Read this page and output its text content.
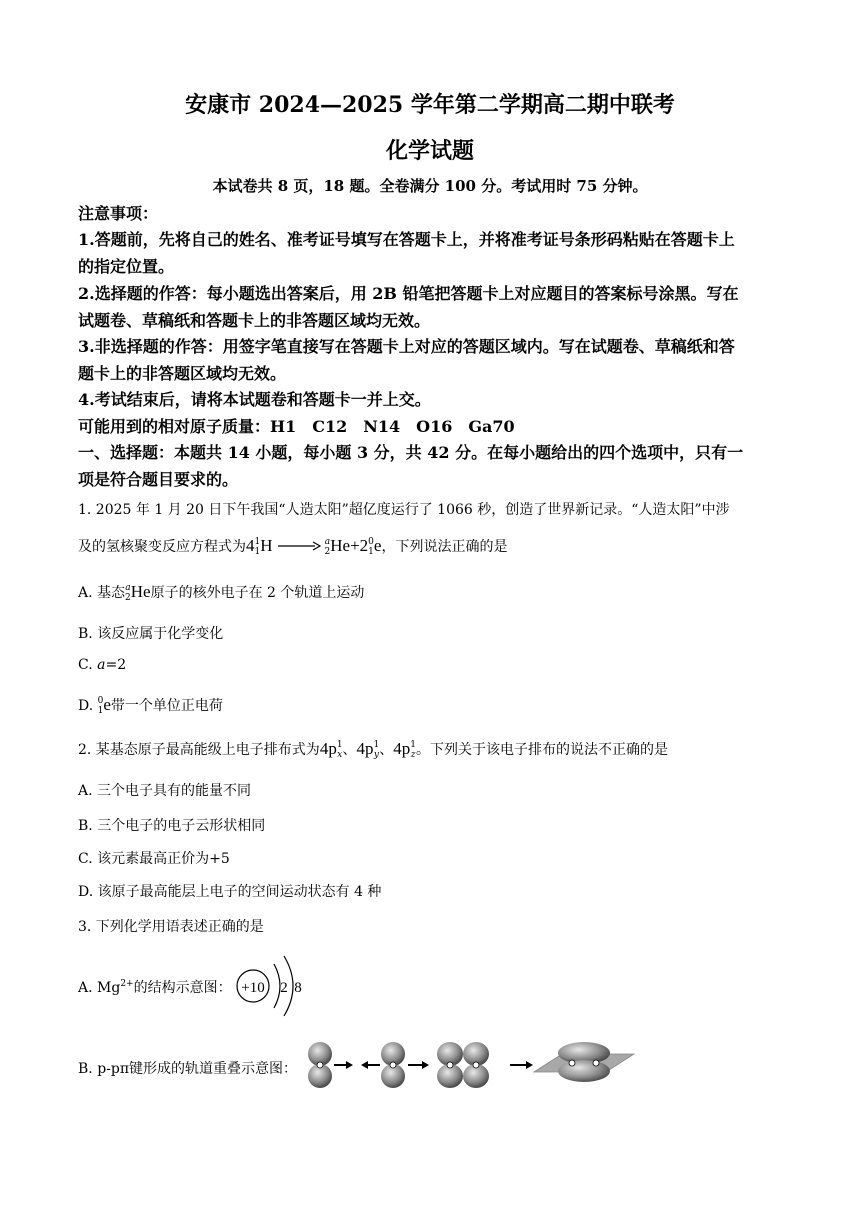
安康市 2024—2025 学年第二学期高二期中联考
化学试题
本试卷共 8 页，18 题。全卷满分 100 分。考试用时 75 分钟。
注意事项：
1.答题前，先将自己的姓名、准考证号填写在答题卡上，并将准考证号条形码粘贴在答题卡上
的指定位置。
2.选择题的作答：每小题选出答案后，用 2B 铅笔把答题卡上对应题目的答案标号涂黑。写在
试题卷、草稿纸和答题卡上的非答题区域均无效。
3.非选择题的作答：用签字笔直接写在答题卡上对应的答题区域内。写在试题卷、草稿纸和答
题卡上的非答题区域均无效。
4.考试结束后，请将本试题卷和答题卡一并上交。
可能用到的相对原子质量：H1　C12　N14　O16　Ga70
一、选择题：本题共 14 小题，每小题 3 分，共 42 分。在每小题给出的四个选项中，只有一
项是符合题目要求的。
1. 2025 年 1 月 20 日下午我国“人造太阳”超亿度运行了 1066 秒，创造了世界新记录。“人造太阳”中涉
及的氢核聚变反应方程式为4 1
1 H → a
2 He+2 0
1 e，下列说法正确的是
A. 基态 a
2 He原子的核外电子在 2 个轨道上运动
B. 该反应属于化学变化
C. a=2
D. 0
1 e带一个单位正电荷
2. 某基态原子最高能级上电子排布式为4p 1
x 、4p 1
y 、4p 1
z 。下列关于该电子排布的说法不正确的是
A. 三个电子具有的能量不同
B. 三个电子的电子云形状相同
C. 该元素最高正价为+5
D. 该原子最高能层上电子的空间运动状态有 4 种
3. 下列化学用语表述正确的是
A. $Mg^{2+}$的结构示意图： +10 2 8
B. p-pπ键形成的轨道重叠示意图：
